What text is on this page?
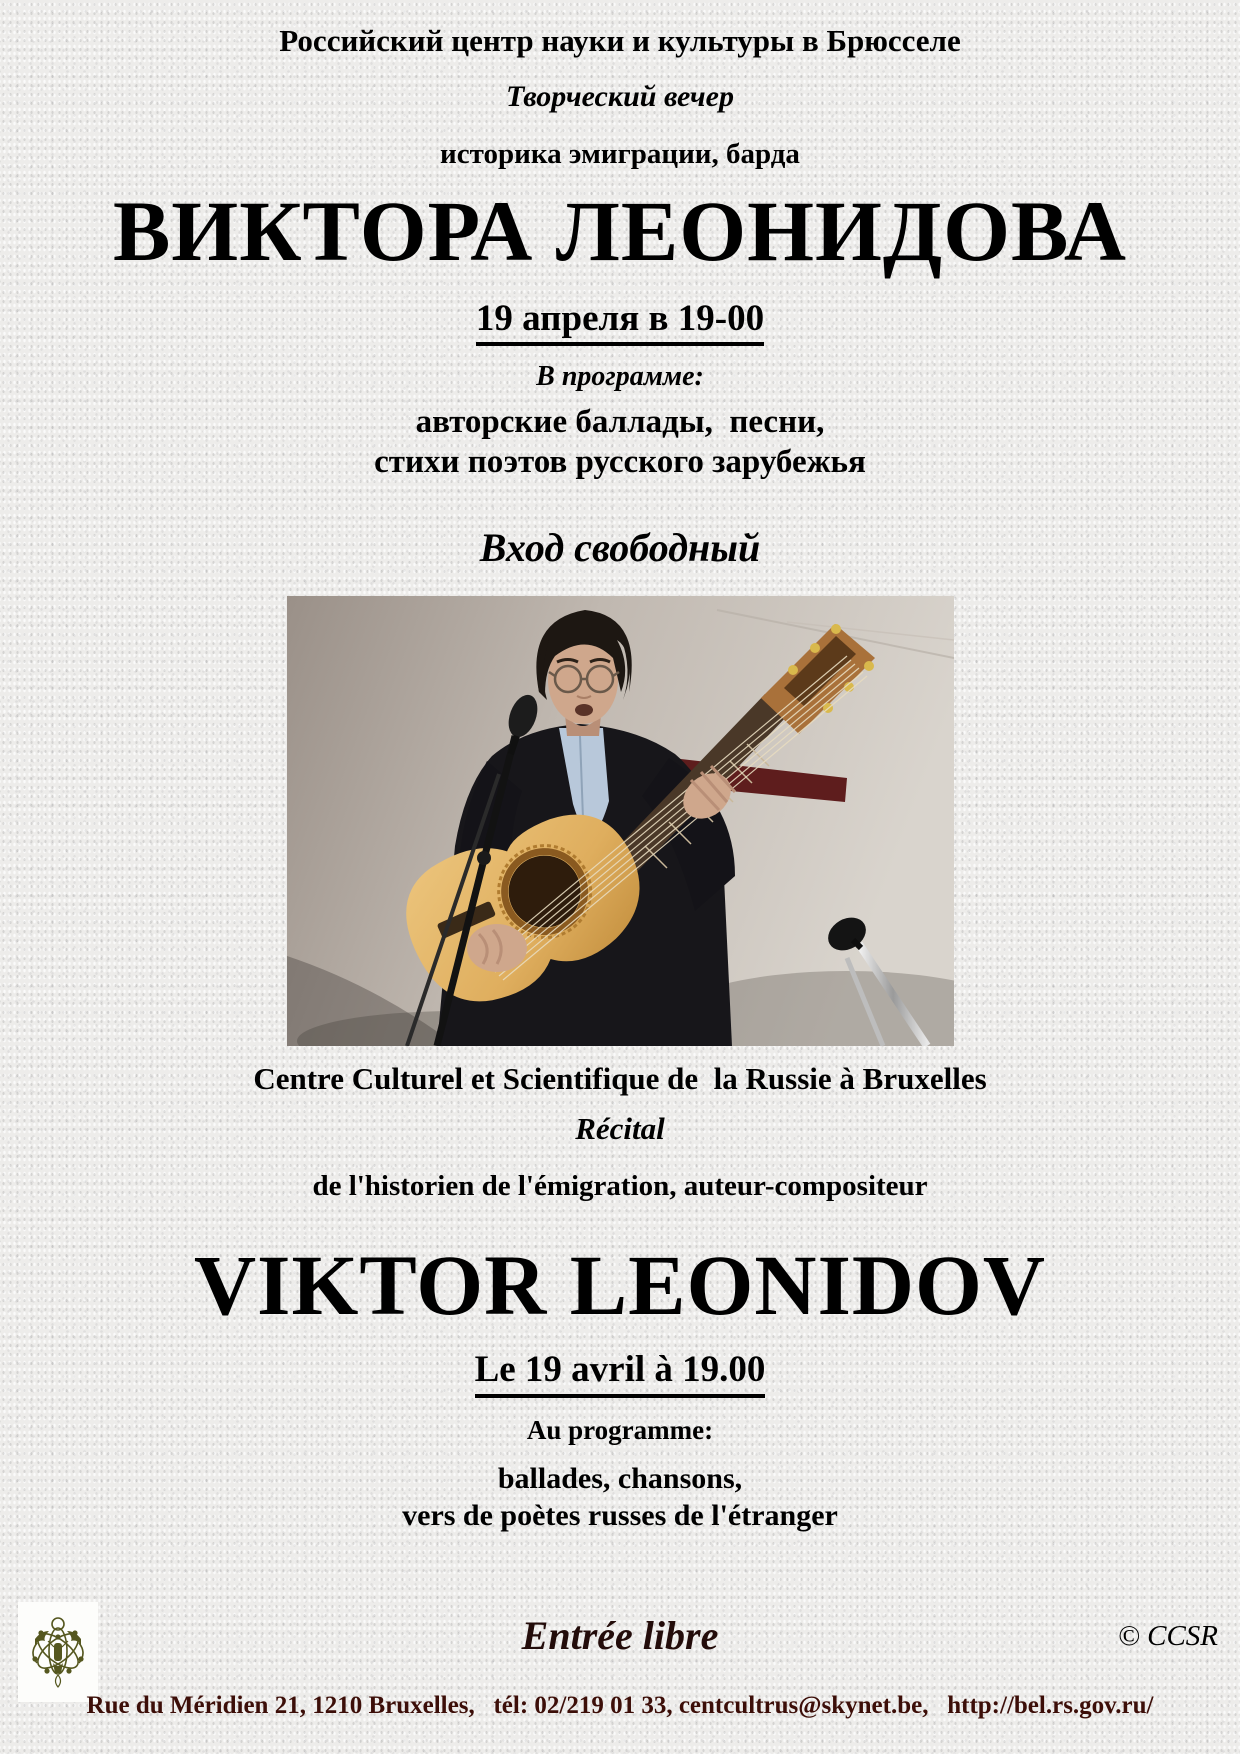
Российский центр науки и культуры в Брюсселе

Творческий вечер

историка эмиграции, барда

ВИКТОРА ЛЕОНИДОВА

19 апреля в 19-00

В программе:

авторские баллады,  песни,

стихи поэтов русского зарубежья

Вход свободный

Centre Culturel et Scientifique de  la Russie à Bruxelles

Récital

de l'historien de l'émigration, auteur-compositeur

VIKTOR LEONIDOV

Le 19 avril à 19.00

Au programme:

ballades, chansons,

vers de poètes russes de l'étranger

Entrée libre	© CCSR

Rue du Méridien 21, 1210 Bruxelles,   tél: 02/219 01 33, centcultrus@skynet.be,   http://bel.rs.gov.ru/
